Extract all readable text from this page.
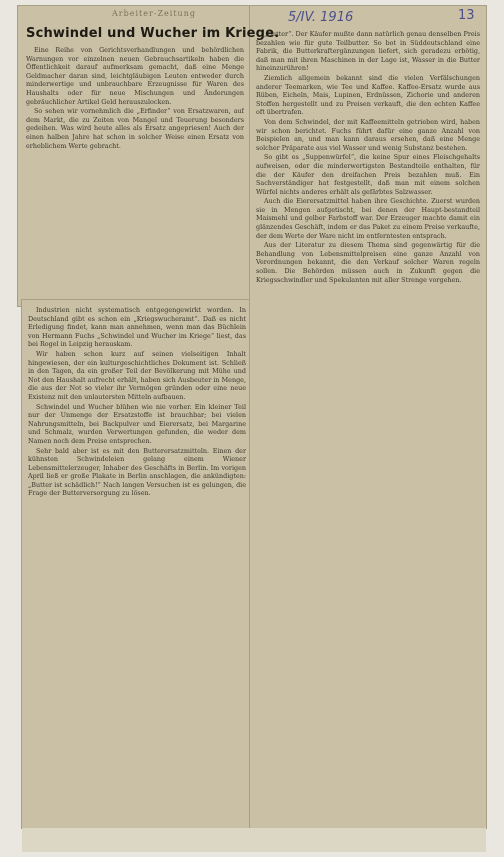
Arbeiter-Zeitung	5/IV. 1916	13
Schwindel und Wucher im Kriege.

Eine Reihe von Gerichtsverhandlungen und behördlichen Warnungen vor einzelnen neuen Gebrauchsartikeln haben die Öffentlichkeit darauf aufmerksam gemacht, daß eine Menge Geldmacher daran sind, leichtgläubigen Leuten entweder durch minderwertige und unbrauchbare Erzeugnisse für Waren des Haushalts oder für neue Mischungen und Änderungen gebräuchlicher Artikel Geld herauszulocken.

So sehen wir vornehmlich die „Erfinder“ von Ersatzwaren, auf dem Markt, die zu Zeiten von Mangel und Teuerung besonders gedeihen. Was wird heute alles als Ersatz angepriesen! Auch der einen halben Jahre hat schon in solcher Weise einen Ersatz von erheblichem Werte gebracht.

Industrien nicht systematisch entgegengewirkt worden. In Deutschland gibt es schon ein „Kriegswucheramt“. Daß es nicht Erledigung findet, kann man annehmen, wenn man das Büchlein von Hermann Fuchs „Schwindel und Wucher im Kriege“ liest, das bei Rogel in Leipzig herauskam.

Wir haben schon kurz auf seinen vielseitigen Inhalt hingewiesen, der ein kulturgeschichtliches Dokument ist. Schließ in den Tagen, da ein großer Teil der Bevölkerung mit Mühe und Not den Haushalt aufrecht erhält, haben sich Ausbeuter in Menge, die aus der Not so vieler ihr Vermögen gründen oder eine neue Existenz mit den unlautersten Mitteln aufbauen.

Schwindel und Wucher blühen wie nie vorher. Ein kleiner Teil nur der Unmenge der Ersatzstoffe ist brauchbar; bei vielen Nahrungsmitteln, bei Backpulver und Eierersatz, bei Margarine und Schmalz, wurden Verwertungen gefunden, die weder dem Namen noch dem Preise entsprechen.

Sehr bald aber ist es mit den Butterersatzmitteln. Einen der kühnsten Schwindeleien gelang einem Wiener Lebensmittelerzeuger, Inhaber des Geschäfts in Berlin. Im vorigen April ließ er große Plakate in Berlin anschlagen, die ankündigten: „Butter ist schädlich!“ Nach langen Versuchen ist es gelungen, die Frage der Butterversorgung zu lösen.

„Butter“. Der Käufer mußte dann natürlich genau denselben Preis bezahlen wie für gute Teilbutter. So bot in Süddeutschland eine Fabrik, die Butterkraftergänzungen liefert, sich geradezu erbötig, daß man mit ihren Maschinen in der Lage ist, Wasser in die Butter hineinzurühren!

Ziemlich allgemein bekannt sind die vielen Verfälschungen anderer Teemarken, wie Tee und Kaffee. Kaffee-Ersatz wurde aus Rüben, Eicheln, Mais, Lupinen, Erdnüssen, Zichorie und anderen Stoffen hergestellt und zu Preisen verkauft, die den echten Kaffee oft übertrafen.

Von dem Schwindel, der mit Kaffeemitteln getrieben wird, haben wir schon berichtet. Fuchs führt dafür eine ganze Anzahl von Beispielen an, und man kann daraus ersehen, daß eine Menge solcher Präparate aus viel Wasser und wenig Substanz bestehen.

So gibt es „Suppenwürfel“, die keine Spur eines Fleischgehalts aufweisen, oder die minderwertigsten Bestandteile enthalten, für die der Käufer den dreifachen Preis bezahlen muß. Ein Sachverständiger hat festgestellt, daß man mit einem solchen Würfel nichts anderes erhält als gefärbtes Salzwasser.

Auch die Eierersatzmittel haben ihre Geschichte. Zuerst wurden sie in Mengen aufgetischt, bei denen der Haupt-bestandteil Maismehl und gelber Farbstoff war. Der Erzeuger machte damit ein glänzendes Geschäft, indem er das Paket zu einem Preise verkaufte, der dem Werte der Ware nicht im entferntesten entsprach.

Aus der Literatur zu diesem Thema sind gegenwärtig für die Behandlung von Lebensmittelpreisen eine ganze Anzahl von Verordnungen bekannt, die den Verkauf solcher Waren regeln sollen. Die Behörden müssen auch in Zukunft gegen die Kriegsschwindler und Spekulanten mit aller Strenge vorgehen.
